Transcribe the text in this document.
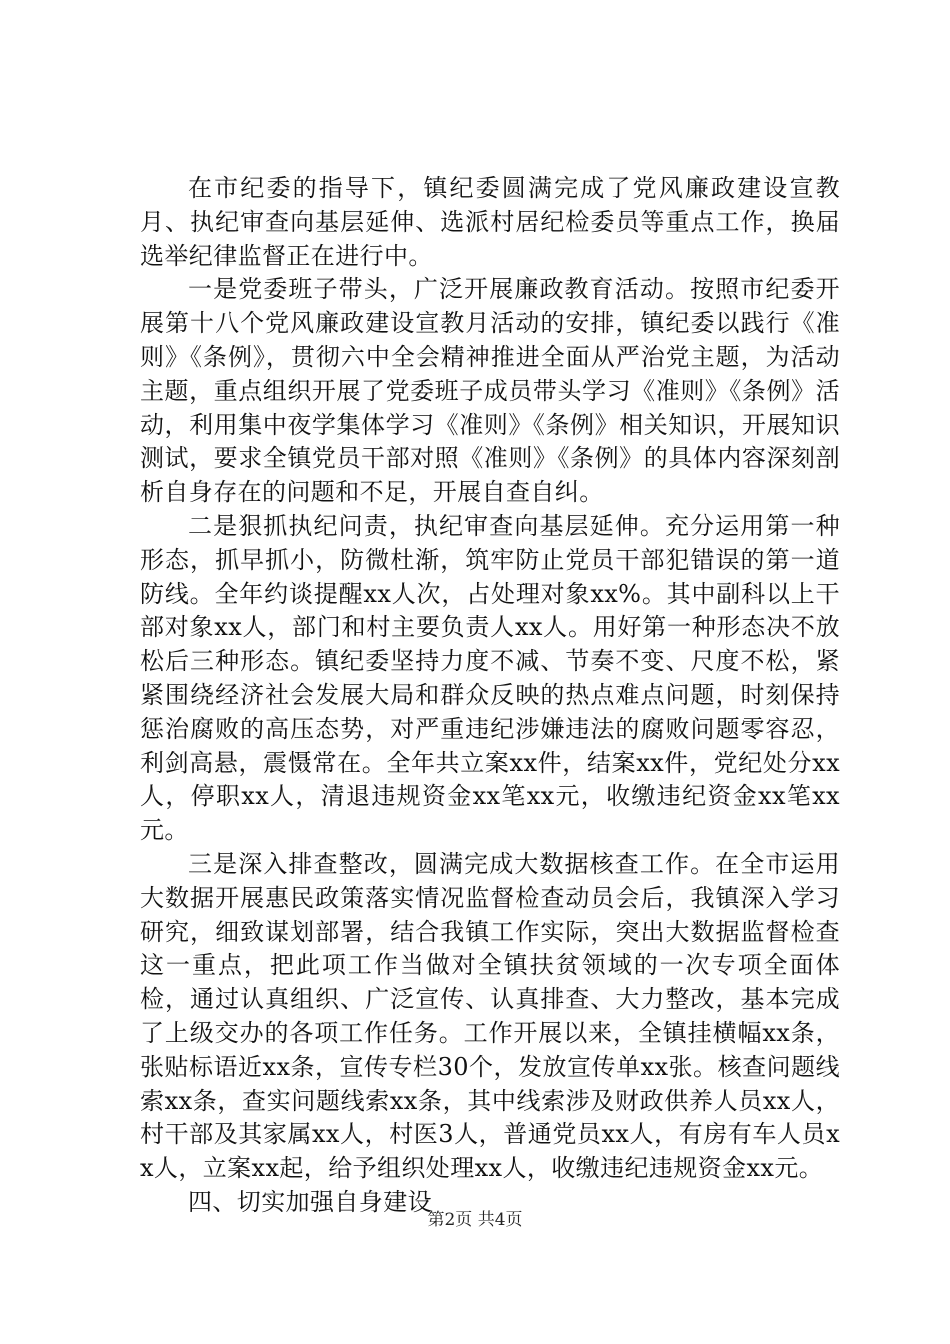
在市纪委的指导下，镇纪委圆满完成了党风廉政建设宣教月、执纪审查向基层延伸、选派村居纪检委员等重点工作，换届选举纪律监督正在进行中。

一是党委班子带头，广泛开展廉政教育活动。按照市纪委开展第十八个党风廉政建设宣教月活动的安排，镇纪委以践行《准则》《条例》，贯彻六中全会精神推进全面从严治党主题，为活动主题，重点组织开展了党委班子成员带头学习《准则》《条例》活动，利用集中夜学集体学习《准则》《条例》相关知识，开展知识测试，要求全镇党员干部对照《准则》《条例》的具体内容深刻剖析自身存在的问题和不足，开展自查自纠。

二是狠抓执纪问责，执纪审查向基层延伸。充分运用第一种形态，抓早抓小，防微杜渐，筑牢防止党员干部犯错误的第一道防线。全年约谈提醒xx人次，占处理对象xx%。其中副科以上干部对象xx人，部门和村主要负责人xx人。用好第一种形态决不放松后三种形态。镇纪委坚持力度不减、节奏不变、尺度不松，紧紧围绕经济社会发展大局和群众反映的热点难点问题，时刻保持惩治腐败的高压态势，对严重违纪涉嫌违法的腐败问题零容忍，利剑高悬，震慑常在。全年共立案xx件，结案xx件，党纪处分xx人，停职xx人，清退违规资金xx笔xx元，收缴违纪资金xx笔xx元。

三是深入排查整改，圆满完成大数据核查工作。在全市运用大数据开展惠民政策落实情况监督检查动员会后，我镇深入学习研究，细致谋划部署，结合我镇工作实际，突出大数据监督检查这一重点，把此项工作当做对全镇扶贫领域的一次专项全面体检，通过认真组织、广泛宣传、认真排查、大力整改，基本完成了上级交办的各项工作任务。工作开展以来，全镇挂横幅xx条，张贴标语近xx条，宣传专栏30个，发放宣传单xx张。核查问题线索xx条，查实问题线索xx条，其中线索涉及财政供养人员xx人，村干部及其家属xx人，村医3人，普通党员xx人，有房有车人员xx人，立案xx起，给予组织处理xx人，收缴违纪违规资金xx元。

四、切实加强自身建设

第2页 共4页
